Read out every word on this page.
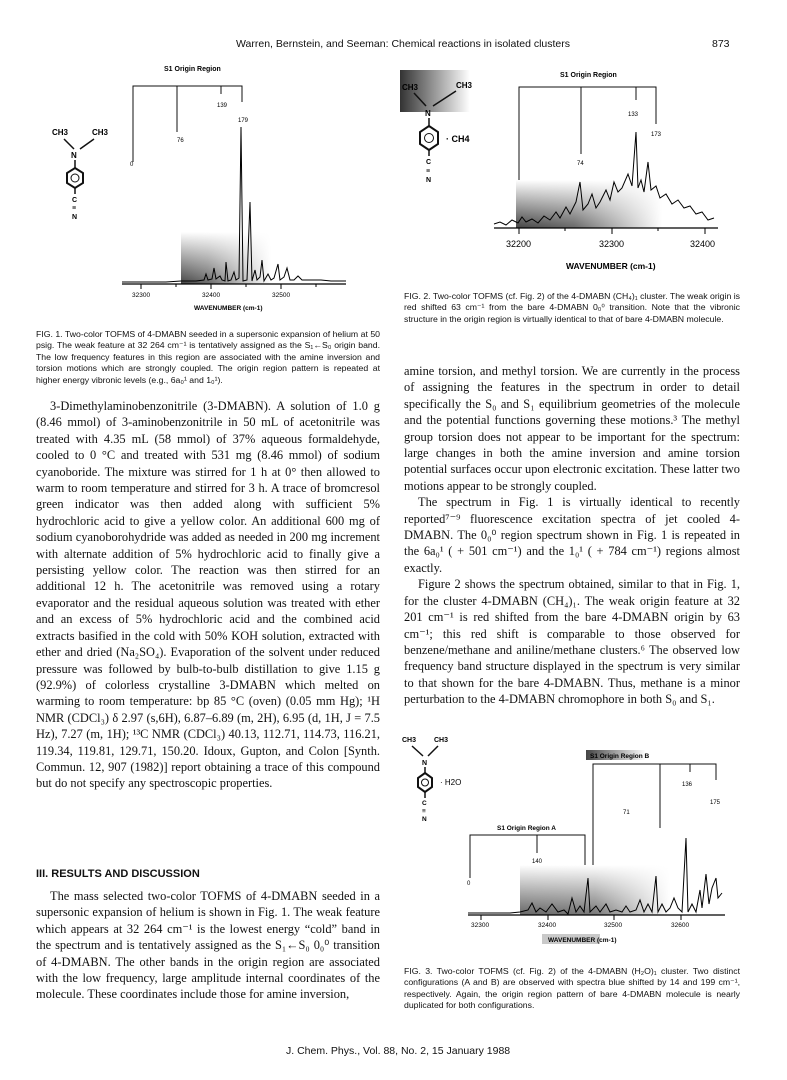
Warren, Bernstein, and Seeman: Chemical reactions in isolated clusters	873
CH3	CH3
N
C
≡
N
S1 Origin Region
139
179
76
0
32300	32400	32500
WAVENUMBER (cm-1)
FIG. 1. Two-color TOFMS of 4-DMABN seeded in a supersonic expansion of helium at 50 psig. The weak feature at 32 264 cm⁻¹ is tentatively assigned as the S₁←S₀ origin band. The low frequency features in this region are associated with the amine inversion and torsion motions which are strongly coupled. The origin region pattern is repeated at higher energy vibronic levels (e.g., 6a₀¹ and 1₀¹).

3-Dimethylaminobenzonitrile (3-DMABN). A solution of 1.0 g (8.46 mmol) of 3-aminobenzonitrile in 50 mL of acetonitrile was treated with 4.35 mL (58 mmol) of 37% aqueous formaldehyde, cooled to 0 °C and treated with 531 mg (8.46 mmol) of sodium cyanoboride. The mixture was stirred for 1 h at 0° then allowed to warm to room temperature and stirred for 3 h. A trace of bromcresol green indicator was then added along with sufficient 5% hydrochloric acid to give a yellow color. An additional 600 mg of sodium cyanoborohydride was added as needed in 200 mg increment with alternate addition of 5% hydrochloric acid to finally give a persisting yellow color. The reaction was then stirred for an additional 12 h. The acetonitrile was removed using a rotary evaporator and the residual aqueous solution was treated with ether and an excess of 5% hydrochloric acid and the combined acid extracts basified in the cold with 50% KOH solution, extracted with ether and dried (Na₂SO₄). Evaporation of the solvent under reduced pressure was followed by bulb-to-bulb distillation to give 1.15 g (92.9%) of colorless crystalline 3-DMABN which melted on warming to room temperature: bp 85 °C (oven) (0.05 mm Hg); ¹H NMR (CDCl₃) δ 2.97 (s,6H), 6.87–6.89 (m, 2H), 6.95 (d, 1H, J = 7.5 Hz), 7.27 (m, 1H); ¹³C NMR (CDCl₃) 40.13, 112.71, 114.73, 116.21, 119.34, 119.81, 129.71, 150.20. Idoux, Gupton, and Colon [Synth. Commun. 12, 907 (1982)] report obtaining a trace of this compound but do not specify any spectroscopic properties.

III. RESULTS AND DISCUSSION

The mass selected two-color TOFMS of 4-DMABN seeded in a supersonic expansion of helium is shown in Fig. 1. The weak feature which appears at 32 264 cm⁻¹ is the lowest energy “cold” band in the spectrum and is tentatively assigned as the S₁←S₀ 0₀⁰ transition of 4-DMABN. The other bands in the origin region are associated with the low frequency, large amplitude internal coordinates of the molecule. These coordinates include those for amine inversion,

CH3	CH3
N
· CH4
C
≡
N
S1 Origin Region
133
173
74
32200	32300	32400
WAVENUMBER (cm-1)
FIG. 2. Two-color TOFMS (cf. Fig. 2) of the 4-DMABN (CH₄)₁ cluster. The weak origin is red shifted 63 cm⁻¹ from the bare 4-DMABN 0₀⁰ transition. Note that the vibronic structure in the origin region is virtually identical to that of bare 4-DMABN molecule.

amine torsion, and methyl torsion. We are currently in the process of assigning the features in the spectrum in order to detail specifically the S₀ and S₁ equilibrium geometries of the molecule and the potential functions governing these motions.³ The methyl group torsion does not appear to be important for the spectrum: large changes in both the amine inversion and amine torsion potential surfaces occur upon electronic excitation. These latter two motions appear to be strongly coupled.

The spectrum in Fig. 1 is virtually identical to recently reported⁷⁻⁹ fluorescence excitation spectra of jet cooled 4-DMABN. The 0₀⁰ region spectrum shown in Fig. 1 is repeated in the 6a₀¹ ( + 501 cm⁻¹) and the 1₀¹ ( + 784 cm⁻¹) regions almost exactly.

Figure 2 shows the spectrum obtained, similar to that in Fig. 1, for the cluster 4-DMABN (CH₄)₁. The weak origin feature at 32 201 cm⁻¹ is red shifted from the bare 4-DMABN origin by 63 cm⁻¹; this red shift is comparable to those observed for benzene/methane and aniline/methane clusters.⁶ The observed low frequency band structure displayed in the spectrum is very similar to that shown for the bare 4-DMABN. Thus, methane is a minor perturbation to the 4-DMABN chromophore in both S₀ and S₁.

CH3	CH3
N
· H2O
C
≡
N
S1 Origin Region B
136
71
175
S1 Origin Region A
140
0
32300	32400	32500	32600
WAVENUMBER (cm-1)
FIG. 3. Two-color TOFMS (cf. Fig. 2) of the 4-DMABN (H₂O)₁ cluster. Two distinct configurations (A and B) are observed with spectra blue shifted by 14 and 199 cm⁻¹, respectively. Again, the origin region pattern of bare 4-DMABN molecule is nearly duplicated for both configurations.
J. Chem. Phys., Vol. 88, No. 2, 15 January 1988
